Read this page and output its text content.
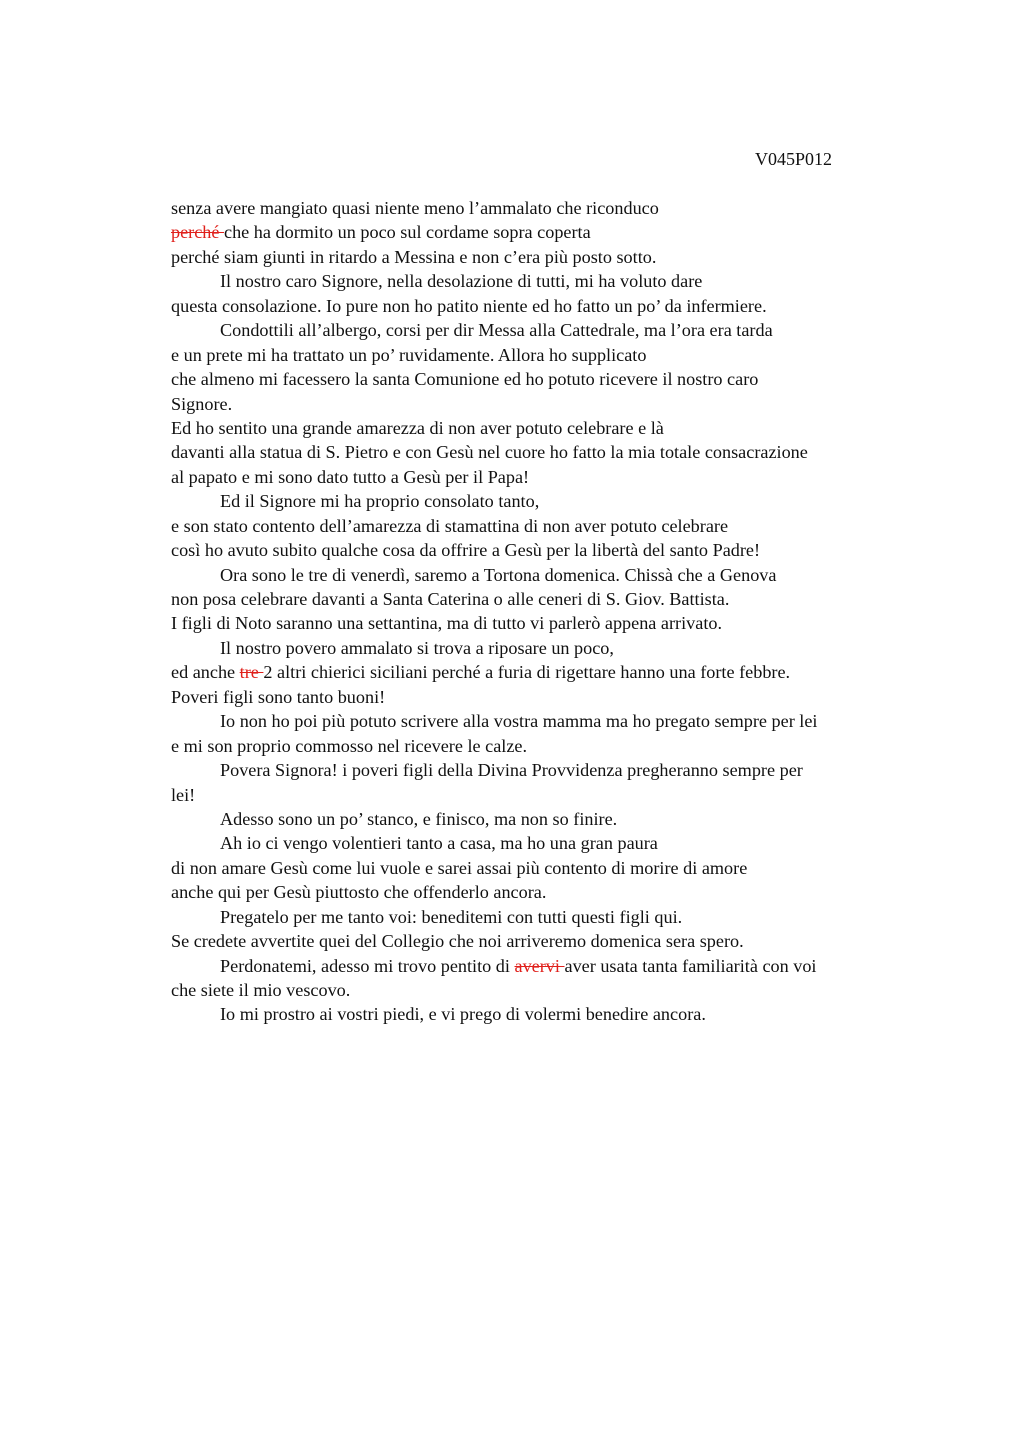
V045P012
senza avere mangiato quasi niente meno l’ammalato che riconduco
perché che ha dormito un poco sul cordame sopra coperta
perché siam giunti in ritardo a Messina e non c’era più posto sotto.
Il nostro caro Signore, nella desolazione di tutti, mi ha voluto dare
questa consolazione. Io pure non ho patito niente ed ho fatto un po’ da infermiere.
Condottili all’albergo, corsi per dir Messa alla Cattedrale, ma l’ora era tarda
e un prete mi ha trattato un po’ ruvidamente. Allora ho supplicato
che almeno mi facessero la santa Comunione ed ho potuto ricevere il nostro caro
Signore.
Ed ho sentito una grande amarezza di non aver potuto celebrare e là
davanti alla statua di S. Pietro e con Gesù nel cuore ho fatto la mia totale consacrazione
al papato e mi sono dato tutto a Gesù per il Papa!
Ed il Signore mi ha proprio consolato tanto,
e son stato contento dell’amarezza di stamattina di non aver potuto celebrare
così ho avuto subito qualche cosa da offrire a Gesù per la libertà del santo Padre!
Ora sono le tre di venerdì, saremo a Tortona domenica. Chissà che a Genova
non posa celebrare davanti a Santa Caterina o alle ceneri di S. Giov. Battista.
I figli di Noto saranno una settantina, ma di tutto vi parlerò appena arrivato.
Il nostro povero ammalato si trova a riposare un poco,
ed anche tre 2 altri chierici siciliani perché a furia di rigettare hanno una forte febbre.
Poveri figli sono tanto buoni!
Io non ho poi più potuto scrivere alla vostra mamma ma ho pregato sempre per lei
e mi son proprio commosso nel ricevere le calze.
Povera Signora! i poveri figli della Divina Provvidenza pregheranno sempre per
lei!
Adesso sono un po’ stanco, e finisco, ma non so finire.
Ah io ci vengo volentieri tanto a casa, ma ho una gran paura
di non amare Gesù come lui vuole e sarei assai più contento di morire di amore
anche qui per Gesù piuttosto che offenderlo ancora.
Pregatelo per me tanto voi: beneditemi con tutti questi figli qui.
Se credete avvertite quei del Collegio che noi arriveremo domenica sera spero.
Perdonatemi, adesso mi trovo pentito di avervi aver usata tanta familiarità con voi
che siete il mio vescovo.
Io mi prostro ai vostri piedi, e vi prego di volermi benedire ancora.
